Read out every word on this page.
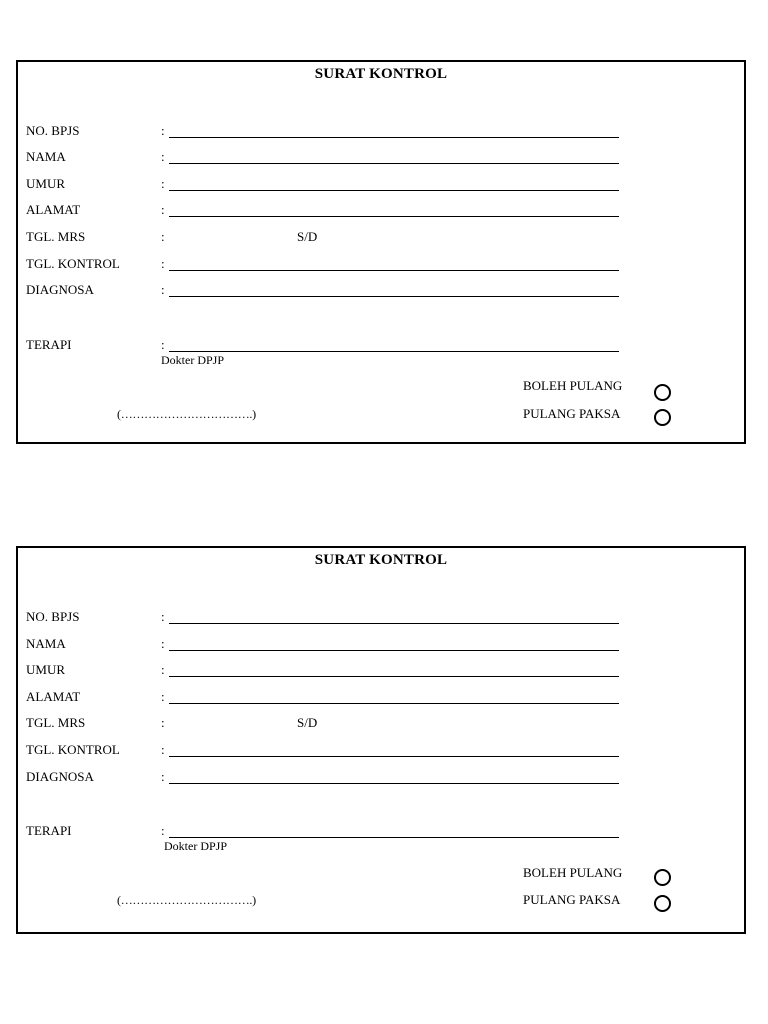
SURAT KONTROL
NO. BPJS	:
NAMA	:
UMUR	:
ALAMAT	:
TGL. MRS	:	S/D
TGL. KONTROL	:
DIAGNOSA	:
TERAPI	:
Dokter DPJP
(…………………………….)
BOLEH PULANG
PULANG PAKSA
SURAT KONTROL
NO. BPJS	:
NAMA	:
UMUR	:
ALAMAT	:
TGL. MRS	:	S/D
TGL. KONTROL	:
DIAGNOSA	:
TERAPI	:
Dokter DPJP
(…………………………….)
BOLEH PULANG
PULANG PAKSA
